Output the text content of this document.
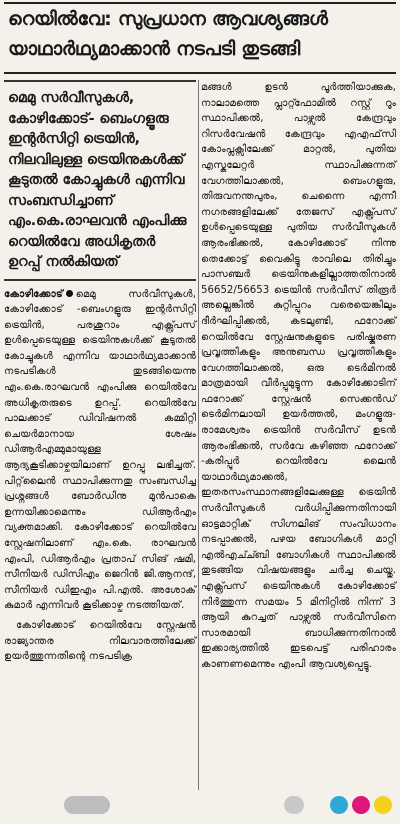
റെയിൽവേ: സുപ്രധാന ആവശ്യങ്ങൾ
യാഥാർഥ്യമാക്കാൻ നടപടി തുടങ്ങി
മെമു സർവീസുകൾ, കോഴിക്കോട്- ബെംഗളൂരു ഇന്റർസിറ്റി ട്രെയിൻ, നിലവിലുള്ള ട്രെയിനുകൾക്ക് കൂടുതൽ കോച്ചുകൾ എന്നിവ സംബന്ധിച്ചാണ് എം.കെ.രാഘവൻ എംപിക്കു റെയിൽവേ അധികൃതർ ഉറപ്പ് നൽകിയത്

കോഴിക്കോട് മെമു സർവീസുകൾ, കോഴിക്കോട് -ബെംഗളൂരു ഇന്റർസിറ്റി ട്രെയിൻ, പരശുറാം എക്സ്പ്രസ് ഉൾപ്പെടെയുള്ള ട്രെയിനുകൾക്ക് കൂടുതൽ കോച്ചുകൾ എന്നിവ യാഥാർഥ്യമാക്കാൻ നടപടികൾ തുടങ്ങിയെന്നു എം.കെ.രാഘവൻ എംപിക്കു റെയിൽവേ അധികൃതരുടെ ഉറപ്പ്. റെയിൽവേ പാലക്കാട് ഡിവിഷനൽ കമ്മിറ്റി ചെയർമാനായ ശേഷം ഡിആർഎമ്മുമായുള്ള ആദ്യകൂടിക്കാഴ്ചയിലാണ് ഉറപ്പു ലഭിച്ചത്. പിറ്റ്‌ലൈൻ സ്ഥാപിക്കുന്നതു സംബന്ധിച്ച പ്രശ്നങ്ങൾ ബോർഡിനു മുൻപാകെ ഉന്നയിക്കാമെന്നും ഡിആർഎം വ്യക്തമാക്കി. കോഴിക്കോട് റെയിൽവേ സ്റ്റേഷനിലാണ് എം.കെ. രാഘവൻ എംപി, ഡിആർഎം പ്രതാപ് സിങ് ഷമി, സീനിയർ ഡിസിഎം ജെറിൻ ജി.ആനന്ദ്, സീനിയർ ഡിഇഎം പി.എൽ. അശോക് കുമാർ എന്നിവർ കൂടിക്കാഴ്ച നടത്തിയത്.

കോഴിക്കോട് റെയിൽവേ സ്റ്റേഷൻ രാജ്യാന്തര നിലവാരത്തിലേക്ക് ഉയർത്തുന്നതിന്റെ നടപടിക്ര

മങ്ങൾ ഉടൻ പൂർത്തിയാക്കുക, നാലാമത്തെ പ്ലാറ്റ്ഫോമിൽ റസ്റ്റ് റൂം സ്ഥാപിക്കൽ, പാഴ്സൽ കേന്ദ്രവും റിസർവേഷൻ കേന്ദ്രവും എഎഫ്‌സി കോംപ്ലക്സിലേക്ക് മാറ്റൽ, പുതിയ എസ്കലേറ്റർ സ്ഥാപിക്കുന്നത് വേഗത്തിലാക്കൽ, ബെംഗളൂരു, തിരുവനന്തപുരം, ചെന്നൈ എന്നീ നഗരങ്ങളിലേക്ക് തേജസ് എക്സ്പ്രസ് ഉൾപ്പെടെയുള്ള പുതിയ സർവീസുകൾ ആരംഭിക്കൽ, കോഴിക്കോട് നിന്നു തെക്കോട്ട് വൈകിട്ടു രാവിലെ തിരിച്ചും പാസഞ്ചർ ട്രെയിനുകളില്ലാത്തതിനാൽ 56652/56653 ട്രെയിൻ സർവീസ് തിരൂർ അല്ലെങ്കിൽ കുറ്റിപ്പുറം വരെയെങ്കിലും ദീർഘിപ്പിക്കൽ, കടലുണ്ടി, ഫറോക്ക് റെയിൽവേ സ്റ്റേഷനുകളുടെ പരിഷ്കരണ പ്രവൃത്തികളും അനുബന്ധ പ്രവൃത്തികളും വേഗത്തിലാക്കൽ, ഒരു ടെർമിനൽ മാത്രമായി വീർപ്പുമുട്ടുന്ന കോഴിക്കോടിന് ഫറോക്ക് സ്റ്റേഷൻ സെക്കൻഡ് ടെർമിനലായി ഉയർത്തൽ, മംഗളൂരു-രാമേശ്വരം ട്രെയിൻ സർവീസ് ഉടൻ ആരംഭിക്കൽ, സർവേ കഴിഞ്ഞ ഫറോക്ക് -കരിപ്പൂർ റെയിൽവേ ലൈൻ യാഥാർഥ്യമാക്കൽ, ഇതരസംസ്ഥാനങ്ങളിലേക്കുള്ള ട്രെയിൻ സർവീസുകൾ വർധിപ്പിക്കുന്നതിനായി ഓട്ടമാറ്റിക് സിഗ്നലിങ് സംവിധാനം നടപ്പാക്കൽ, പഴയ ബോഗികൾ മാറ്റി എൽഎച്ച്ബി ബോഗികൾ സ്ഥാപിക്കൽ തുടങ്ങിയ വിഷയങ്ങളും ചർച്ച ചെയ്തു. എക്സ്പ്രസ് ട്രെയിനുകൾ കോഴിക്കോട് നിർത്തുന്ന സമയം 5 മിനിറ്റിൽ നിന്ന് 3 ആയി കുറച്ചത് പാഴ്സൽ സർവീസിനെ സാരമായി ബാധിക്കുന്നതിനാൽ ഇക്കാര്യത്തിൽ ഇടപെട്ട് പരിഹാരം കാണണമെന്നും എംപി ആവശ്യപ്പെട്ടു.
